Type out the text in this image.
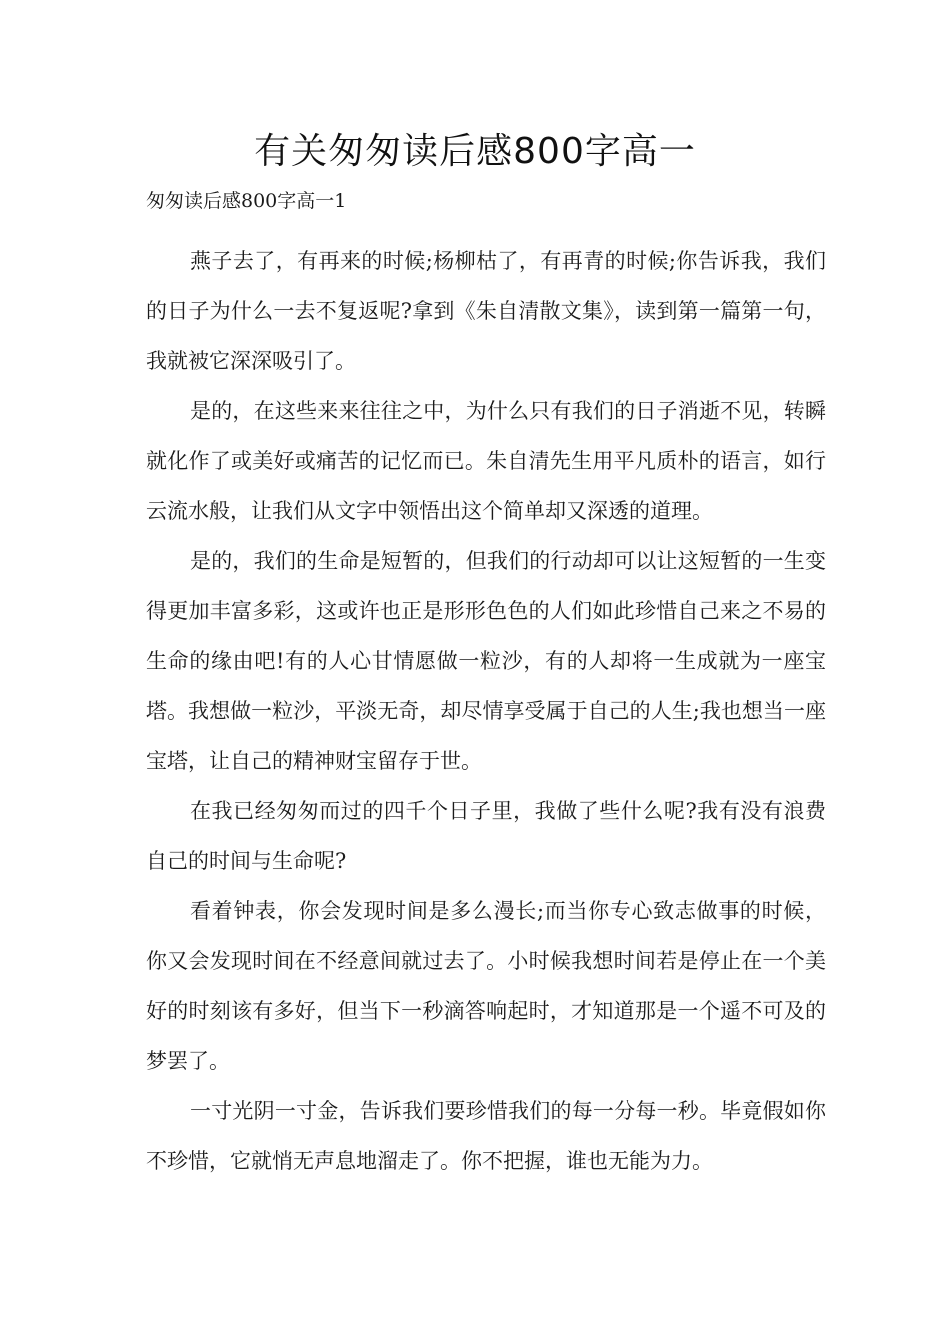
有关匆匆读后感800字高一

匆匆读后感800字高一1

燕子去了，有再来的时候;杨柳枯了，有再青的时候;你告诉我，我们的日子为什么一去不复返呢?拿到《朱自清散文集》，读到第一篇第一句，我就被它深深吸引了。

是的，在这些来来往往之中，为什么只有我们的日子消逝不见，转瞬就化作了或美好或痛苦的记忆而已。朱自清先生用平凡质朴的语言，如行云流水般，让我们从文字中领悟出这个简单却又深透的道理。

是的，我们的生命是短暂的，但我们的行动却可以让这短暂的一生变得更加丰富多彩，这或许也正是形形色色的人们如此珍惜自己来之不易的生命的缘由吧!有的人心甘情愿做一粒沙，有的人却将一生成就为一座宝塔。我想做一粒沙，平淡无奇，却尽情享受属于自己的人生;我也想当一座宝塔，让自己的精神财宝留存于世。

在我已经匆匆而过的四千个日子里，我做了些什么呢?我有没有浪费自己的时间与生命呢?

看着钟表，你会发现时间是多么漫长;而当你专心致志做事的时候，你又会发现时间在不经意间就过去了。小时候我想时间若是停止在一个美好的时刻该有多好，但当下一秒滴答响起时，才知道那是一个遥不可及的梦罢了。

一寸光阴一寸金，告诉我们要珍惜我们的每一分每一秒。毕竟假如你不珍惜，它就悄无声息地溜走了。你不把握，谁也无能为力。
